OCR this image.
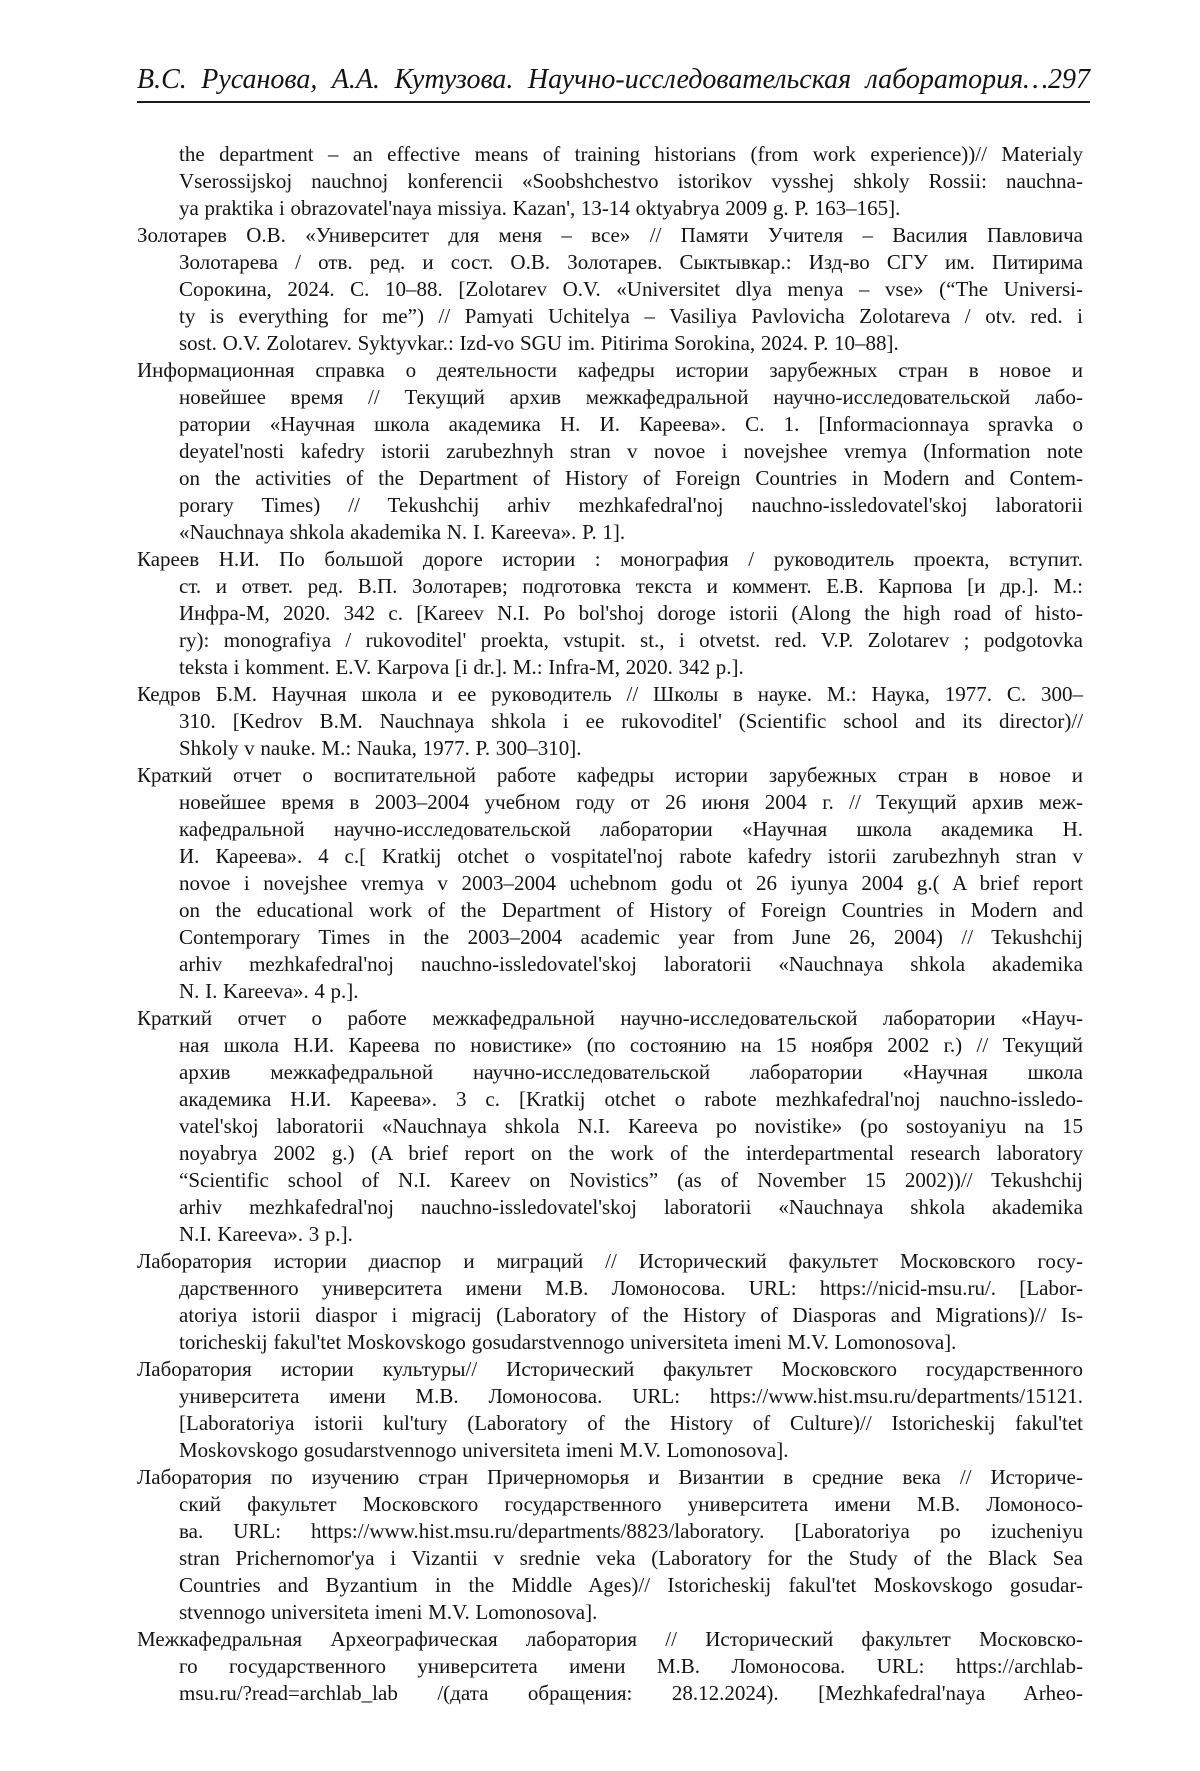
В.С. Русанова, А.А. Кутузова. Научно-исследовательская лаборатория…297
the department – an effective means of training historians (from work experience))// Materialy
Vserossijskoj nauchnoj konferencii «Soobshchestvo istorikov vysshej shkoly Rossii: nauchna-
ya praktika i obrazovatel'naya missiya. Kazan', 13-14 oktyabrya 2009 g. P. 163–165].
Золотарев О.В. «Университет для меня – все» // Памяти Учителя – Василия Павловича
Золотарева / отв. ред. и сост. О.В. Золотарев. Сыктывкар.: Изд-во СГУ им. Питирима
Сорокина, 2024. С. 10–88. [Zolotarev O.V. «Universitet dlya menya – vse» (“The Universi-
ty is everything for me”) // Pamyati Uchitelya – Vasiliya Pavlovicha Zolotareva / otv. red. i
sost. O.V. Zolotarev. Syktyvkar.: Izd-vo SGU im. Pitirima Sorokina, 2024. P. 10–88].
Информационная справка о деятельности кафедры истории зарубежных стран в новое и
новейшее время // Текущий архив межкафедральной научно-исследовательской лабо-
ратории «Научная школа академика Н. И. Кареева». С. 1. [Informacionnaya spravka o
deyatel'nosti kafedry istorii zarubezhnyh stran v novoe i novejshee vremya (Information note
on the activities of the Department of History of Foreign Countries in Modern and Contem-
porary Times) // Tekushchij arhiv mezhkafedral'noj nauchno-issledovatel'skoj laboratorii
«Nauchnaya shkola akademika N. I. Kareeva». P. 1].
Кареев Н.И. По большой дороге истории : монография / руководитель проекта, вступит.
ст. и ответ. ред. В.П. Золотарев; подготовка текста и коммент. Е.В. Карпова [и др.]. М.:
Инфра-М, 2020. 342 с. [Kareev N.I. Po bol'shoj doroge istorii (Along the high road of histo-
ry): monografiya / rukovoditel' proekta, vstupit. st., i otvetst. red. V.P. Zolotarev ; podgotovka
teksta i komment. E.V. Karpova [i dr.]. M.: Infra-M, 2020. 342 p.].
Кедров Б.М. Научная школа и ее руководитель // Школы в науке. М.: Наука, 1977. С. 300–
310. [Kedrov B.M. Nauchnaya shkola i ee rukovoditel' (Scientific school and its director)//
Shkoly v nauke. M.: Nauka, 1977. P. 300–310].
Краткий отчет о воспитательной работе кафедры истории зарубежных стран в новое и
новейшее время в 2003–2004 учебном году от 26 июня 2004 г. // Текущий архив меж-
кафедральной научно-исследовательской лаборатории «Научная школа академика Н.
И. Кареева». 4 с.[ Kratkij otchet o vospitatel'noj rabote kafedry istorii zarubezhnyh stran v
novoe i novejshee vremya v 2003–2004 uchebnom godu ot 26 iyunya 2004 g.( A brief report
on the educational work of the Department of History of Foreign Countries in Modern and
Contemporary Times in the 2003–2004 academic year from June 26, 2004) // Tekushchij
arhiv mezhkafedral'noj nauchno-issledovatel'skoj laboratorii «Nauchnaya shkola akademika
N. I. Kareeva». 4 p.].
Краткий отчет о работе межкафедральной научно-исследовательской лаборатории «Науч-
ная школа Н.И. Кареева по новистике» (по состоянию на 15 ноября 2002 г.) // Текущий
архив межкафедральной научно-исследовательской лаборатории «Научная школа
академика Н.И. Кареева». 3 с. [Kratkij otchet o rabote mezhkafedral'noj nauchno-issledo-
vatel'skoj laboratorii «Nauchnaya shkola N.I. Kareeva po novistike» (po sostoyaniyu na 15
noyabrya 2002 g.) (A brief report on the work of the interdepartmental research laboratory
“Scientific school of N.I. Kareev on Novistics” (as of November 15 2002))// Tekushchij
arhiv mezhkafedral'noj nauchno-issledovatel'skoj laboratorii «Nauchnaya shkola akademika
N.I. Kareeva». 3 p.].
Лаборатория истории диаспор и миграций // Исторический факультет Московского госу-
дарственного университета имени М.В. Ломоносова. URL: https://nicid-msu.ru/. [Labor-
atoriya istorii diaspor i migracij (Laboratory of the History of Diasporas and Migrations)// Is-
toricheskij fakul'tet Moskovskogo gosudarstvennogo universiteta imeni M.V. Lomonosova].
Лаборатория истории культуры// Исторический факультет Московского государственного
университета имени М.В. Ломоносова. URL: https://www.hist.msu.ru/departments/15121.
[Laboratoriya istorii kul'tury (Laboratory of the History of Culture)// Istoricheskij fakul'tet
Moskovskogo gosudarstvennogo universiteta imeni M.V. Lomonosova].
Лаборатория по изучению стран Причерноморья и Византии в средние века // Историче-
ский факультет Московского государственного университета имени М.В. Ломоносо-
ва. URL: https://www.hist.msu.ru/departments/8823/laboratory. [Laboratoriya po izucheniyu
stran Prichernomor'ya i Vizantii v srednie veka (Laboratory for the Study of the Black Sea
Countries and Byzantium in the Middle Ages)// Istoricheskij fakul'tet Moskovskogo gosudar-
stvennogo universiteta imeni M.V. Lomonosova].
Межкафедральная Археографическая лаборатория // Исторический факультет Московско-
го государственного университета имени М.В. Ломоносова. URL: https://archlab-
msu.ru/?read=archlab_lab /(дата обращения: 28.12.2024). [Mezhkafedral'naya Arheo-
